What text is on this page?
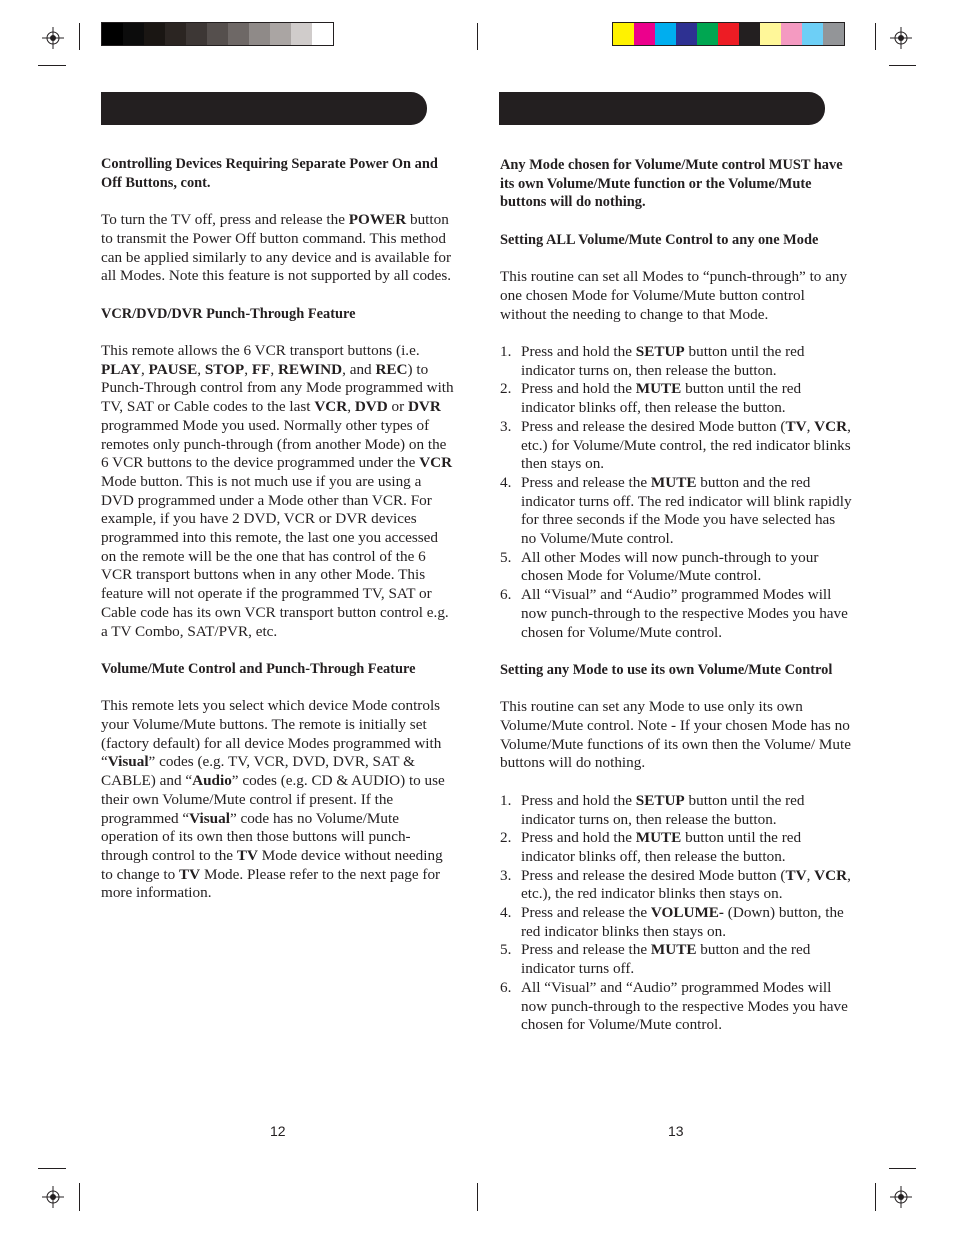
Controlling Devices Requiring Separate Power On and Off Buttons, cont.

To turn the TV off, press and release the POWER button to transmit the Power Off button command. This method can be applied similarly to any device and is available for all Modes. Note this feature is not supported by all codes.

VCR/DVD/DVR Punch-Through Feature

This remote allows the 6 VCR transport buttons (i.e. PLAY, PAUSE, STOP, FF, REWIND, and REC) to Punch-Through control from any Mode programmed with TV, SAT or Cable codes to the last VCR, DVD or DVR programmed Mode you used. Normally other types of remotes only punch-through (from another Mode) on the 6 VCR buttons to the device programmed under the VCR Mode button. This is not much use if you are using a DVD programmed under a Mode other than VCR. For example, if you have 2 DVD, VCR or DVR devices programmed into this remote, the last one you accessed on the remote will be the one that has control of the 6 VCR transport buttons when in any other Mode. This feature will not operate if the programmed TV, SAT or Cable code has its own VCR transport button control e.g. a TV Combo, SAT/PVR, etc.

Volume/Mute Control and Punch-Through Feature

This remote lets you select which device Mode controls your Volume/Mute buttons. The remote is initially set (factory default) for all device Modes programmed with “Visual” codes (e.g. TV, VCR, DVD, DVR, SAT & CABLE) and “Audio” codes (e.g. CD & AUDIO) to use their own Volume/Mute control if present. If the programmed “Visual” code has no Volume/Mute operation of its own then those buttons will punch-through control to the TV Mode device without needing to change to TV Mode. Please refer to the next page for more information.

Any Mode chosen for Volume/Mute control MUST have its own Volume/Mute function or the Volume/Mute buttons will do nothing.
Setting ALL Volume/Mute Control to any one Mode

This routine can set all Modes to “punch-through” to any one chosen Mode for Volume/Mute button control without the needing to change to that Mode.

1. Press and hold the SETUP button until the red indicator turns on, then release the button.
2. Press and hold the MUTE button until the red indicator blinks off, then release the button.
3. Press and release the desired Mode button (TV, VCR, etc.) for Volume/Mute control, the red indicator blinks then stays on.
4. Press and release the MUTE button and the red indicator turns off. The red indicator will blink rapidly for three seconds if the Mode you have selected has no Volume/Mute control.
5. All other Modes will now punch-through to your chosen Mode for Volume/Mute control.
6. All “Visual” and “Audio” programmed Modes will now punch-through to the respective Modes you have chosen for Volume/Mute control.
Setting any Mode to use its own Volume/Mute Control

This routine can set any Mode to use only its own Volume/Mute control. Note - If your chosen Mode has no Volume/Mute functions of its own then the Volume/ Mute buttons will do nothing.

1. Press and hold the SETUP button until the red indicator turns on, then release the button.
2. Press and hold the MUTE button until the red indicator blinks off, then release the button.
3. Press and release the desired Mode button (TV, VCR, etc.), the red indicator blinks then stays on.
4. Press and release the VOLUME- (Down) button, the red indicator blinks then stays on.
5. Press and release the MUTE button and the red indicator turns off.
6. All “Visual” and “Audio” programmed Modes will now punch-through to the respective Modes you have chosen for Volume/Mute control.
12	13
